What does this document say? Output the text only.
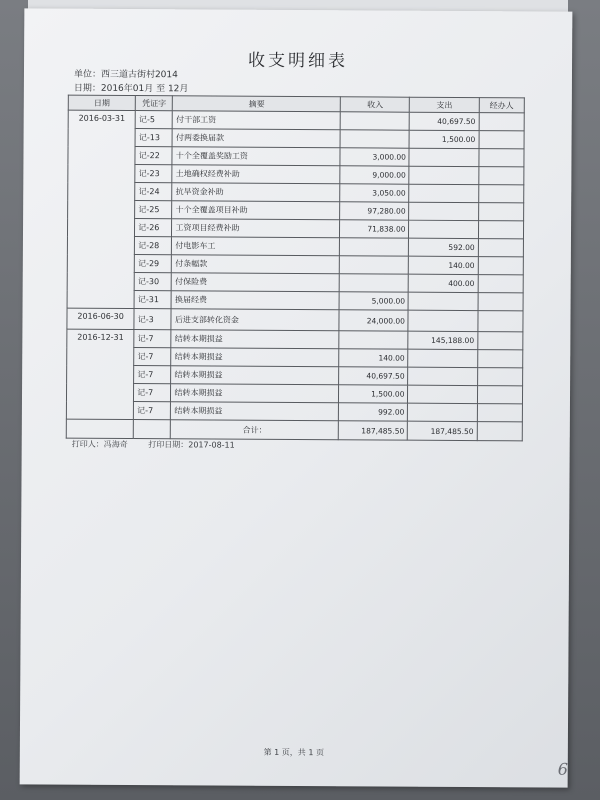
收支明细表
单位：西三道古街村2014
日期：2016年01月 至 12月
日期	凭证字	摘要	收入	支出	经办人
2016-03-31	记-5	付干部工资		40,697.50	
	记-13	付两委换届款		1,500.00	
	记-22	十个全覆盖奖励工资	3,000.00		
	记-23	土地确权经费补助	9,000.00		
	记-24	抗旱资金补助	3,050.00		
	记-25	十个全覆盖项目补助	97,280.00		
	记-26	工资项目经费补助	71,838.00		
	记-28	付电影车工		592.00	
	记-29	付条幅款		140.00	
	记-30	付保险费		400.00	
	记-31	换届经费	5,000.00		
2016-06-30	记-3	后进支部转化资金	24,000.00		
2016-12-31	记-7	结转本期损益		145,188.00	
	记-7	结转本期损益	140.00		
	记-7	结转本期损益	40,697.50		
	记-7	结转本期损益	1,500.00		
	记-7	结转本期损益	992.00		
		合计：	187,485.50	187,485.50	
打印人：冯海奇	打印日期：2017-08-11
第 1 页，共 1 页
6
